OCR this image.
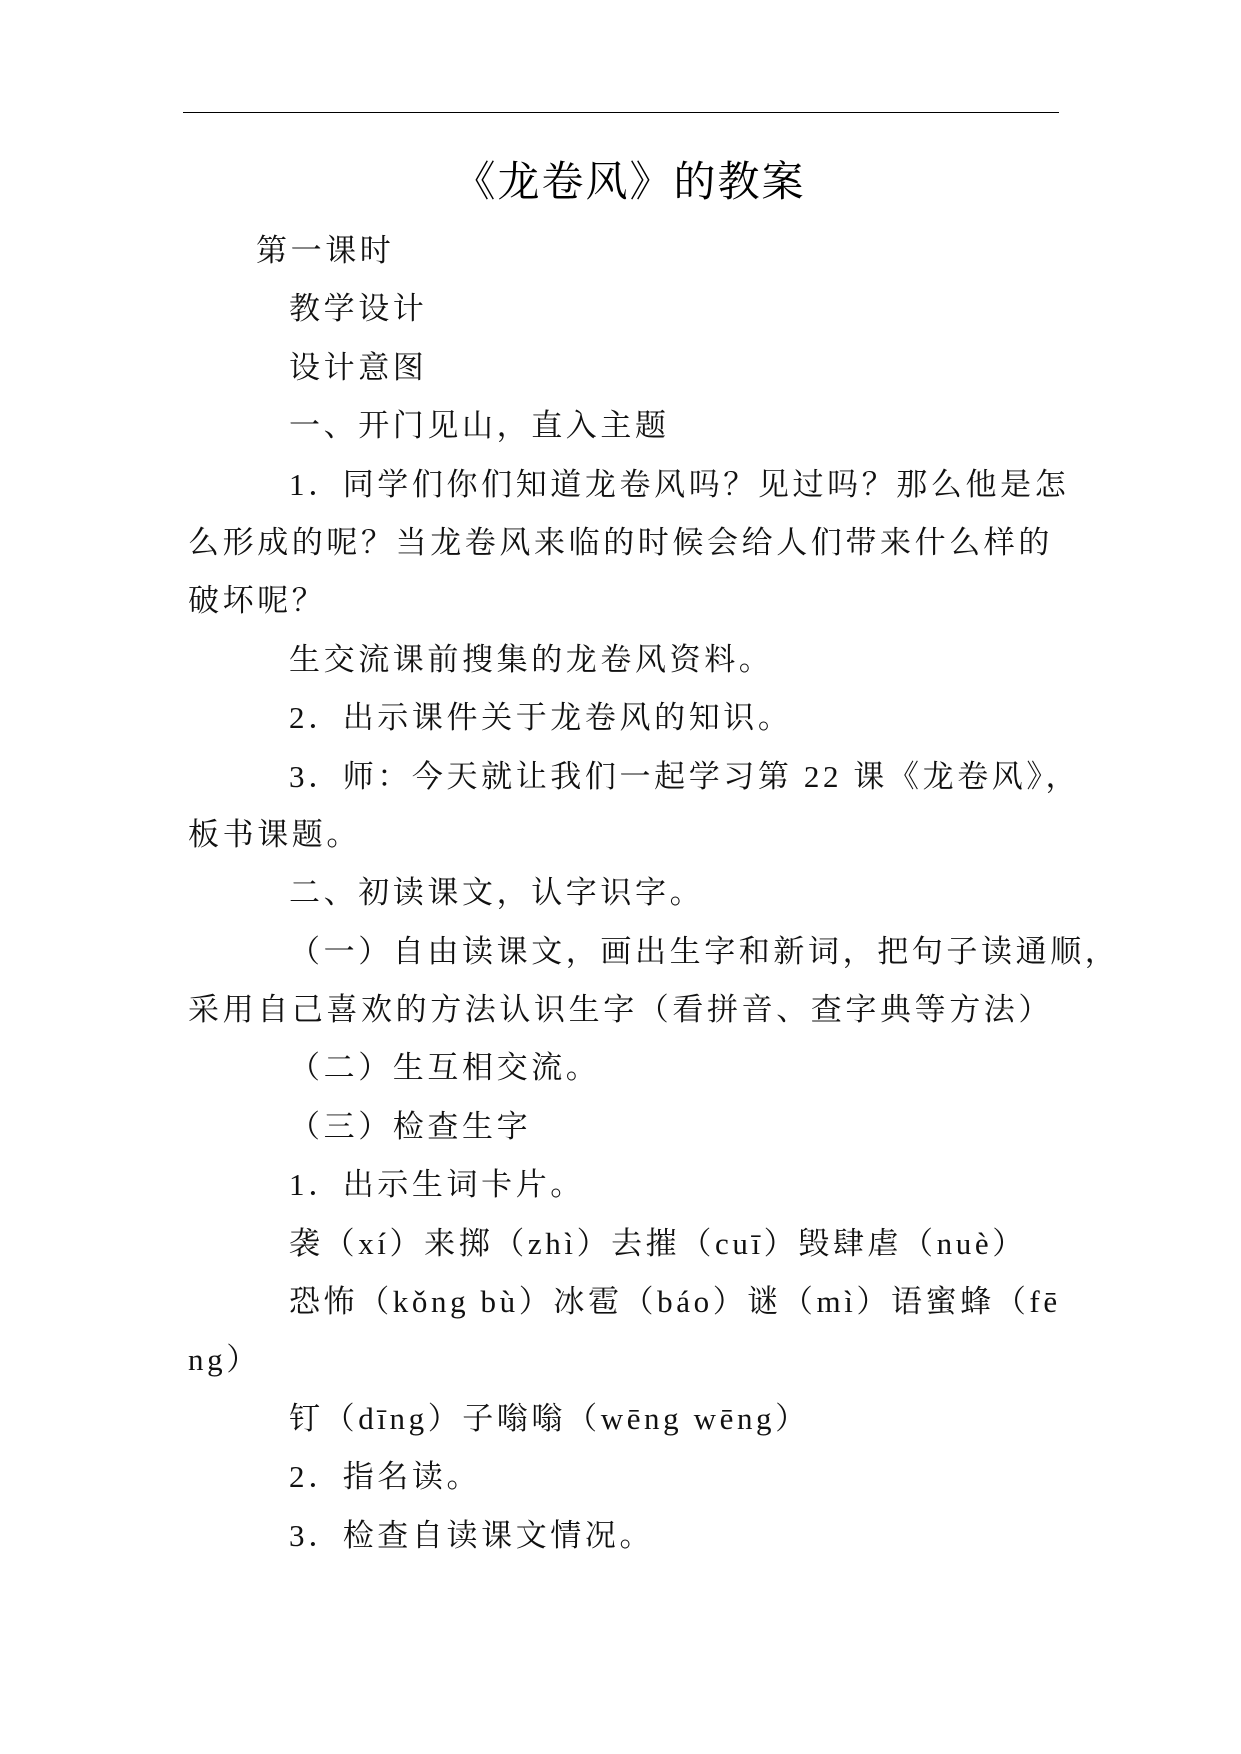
《龙卷风》的教案
第一课时
教学设计
设计意图
一、开门见山，直入主题
1．同学们你们知道龙卷风吗？见过吗？那么他是怎
么形成的呢？当龙卷风来临的时候会给人们带来什么样的
破坏呢？
生交流课前搜集的龙卷风资料。
2．出示课件关于龙卷风的知识。
3．师：今天就让我们一起学习第 22 课《龙卷风》，
板书课题。
二、初读课文，认字识字。
（一）自由读课文，画出生字和新词，把句子读通顺，
采用自己喜欢的方法认识生字（看拼音、查字典等方法）
（二）生互相交流。
（三）检查生字
1．出示生词卡片。
袭（xí）来掷（zhì）去摧（cuī）毁肆虐（nuè）
恐怖（kǒng bù）冰雹（báo）谜（mì）语蜜蜂（fē
ng）
钉（dīng）子嗡嗡（wēng wēng）
2．指名读。
3．检查自读课文情况。
